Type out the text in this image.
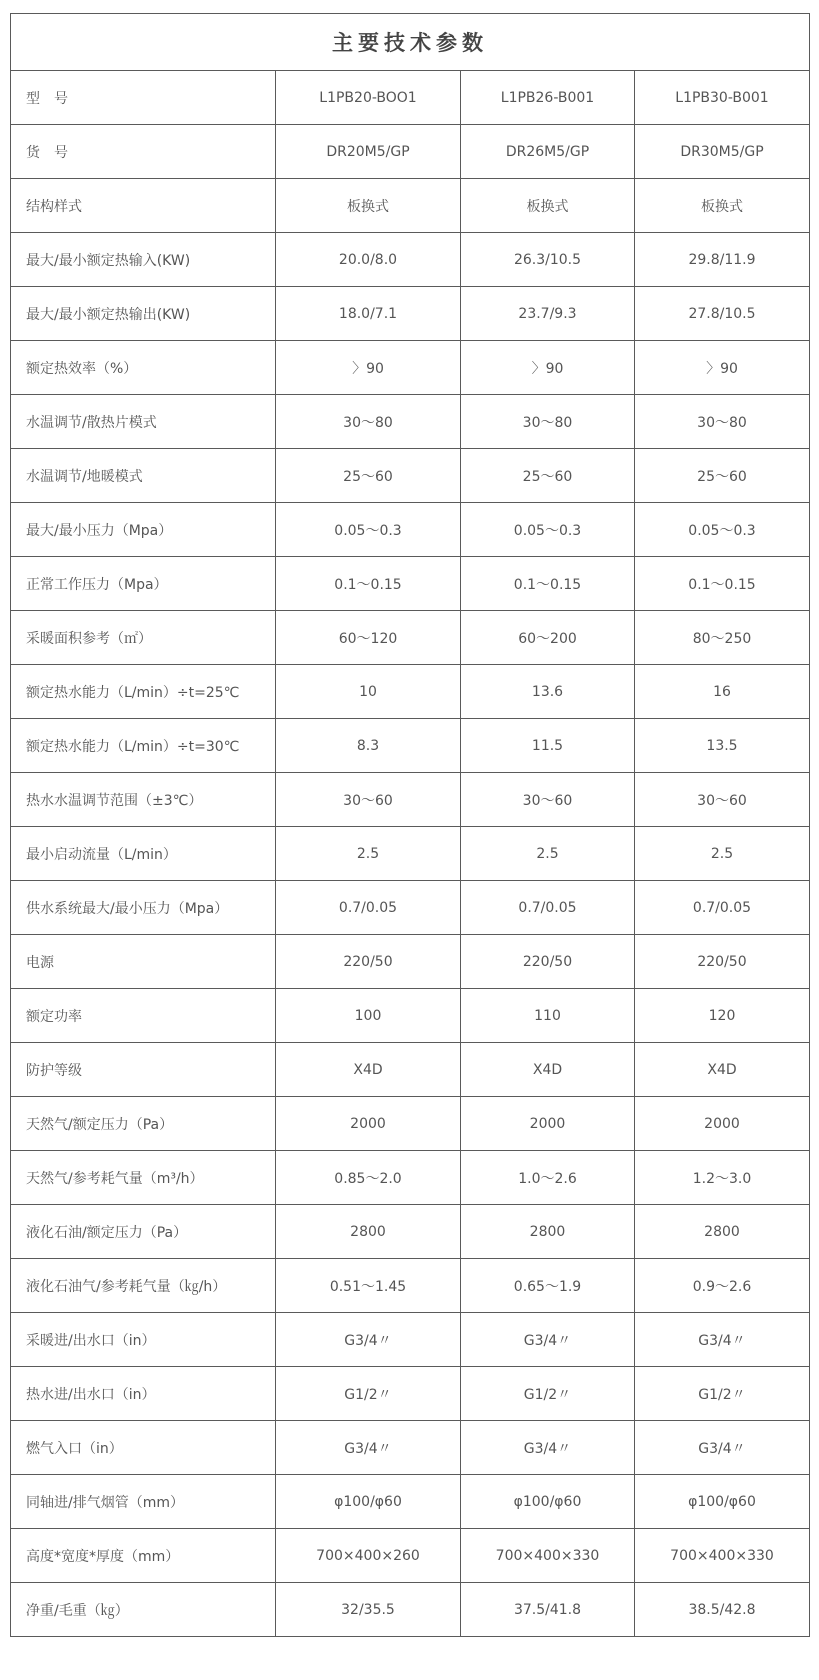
主要技术参数			
型　号	L1PB20-BOO1	L1PB26-B001	L1PB30-B001
货　号	DR20M5/GP	DR26M5/GP	DR30M5/GP
结构样式	板换式	板换式	板换式
最大/最小额定热输入(KW)	20.0/8.0	26.3/10.5	29.8/11.9
最大/最小额定热输出(KW)	18.0/7.1	23.7/9.3	27.8/10.5
额定热效率（%）	〉90	〉90	〉90
水温调节/散热片模式	30～80	30～80	30～80
水温调节/地暖模式	25～60	25～60	25～60
最大/最小压力（Mpa）	0.05～0.3	0.05～0.3	0.05～0.3
正常工作压力（Mpa）	0.1～0.15	0.1～0.15	0.1～0.15
采暖面积参考（㎡）	60～120	60～200	80～250
额定热水能力（L/min）÷t=25℃	10	13.6	16
额定热水能力（L/min）÷t=30℃	8.3	11.5	13.5
热水水温调节范围（±3℃）	30～60	30～60	30～60
最小启动流量（L/min）	2.5	2.5	2.5
供水系统最大/最小压力（Mpa）	0.7/0.05	0.7/0.05	0.7/0.05
电源	220/50	220/50	220/50
额定功率	100	110	120
防护等级	X4D	X4D	X4D
天然气/额定压力（Pa）	2000	2000	2000
天然气/参考耗气量（m³/h）	0.85～2.0	1.0～2.6	1.2～3.0
液化石油/额定压力（Pa）	2800	2800	2800
液化石油气/参考耗气量（㎏/h）	0.51～1.45	0.65～1.9	0.9～2.6
采暖进/出水口（in）	G3/4〃	G3/4〃	G3/4〃
热水进/出水口（in）	G1/2〃	G1/2〃	G1/2〃
燃气入口（in）	G3/4〃	G3/4〃	G3/4〃
同轴进/排气烟管（mm）	φ100/φ60	φ100/φ60	φ100/φ60
高度*宽度*厚度（mm）	700×400×260	700×400×330	700×400×330
净重/毛重（㎏）	32/35.5	37.5/41.8	38.5/42.8
